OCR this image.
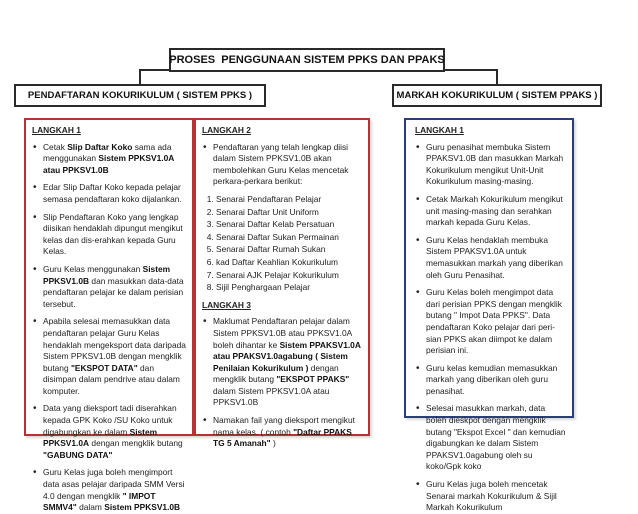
PROSES  PENGGUNAAN SISTEM PPKS DAN PPAKS
PENDAFTARAN KOKURIKULUM ( SISTEM PPKS )	MARKAH KOKURIKULUM ( SISTEM PPAKS )
LANGKAH 1
• Cetak Slip Daftar Koko sama ada menggunakan Sistem PPKSV1.0A atau PPKSV1.0B
• Edar Slip Daftar Koko kepada pelajar semasa pendaftaran koko dijalankan.
• Slip Pendaftaran Koko yang lengkap diisikan hendaklah dipungut mengikut kelas dan dis-erahkan kepada Guru Kelas.
• Guru Kelas menggunakan Sistem PPKSV1.0B dan masukkan data-data pendaftaran pelajar ke dalam perisian tersebut.
• Apabila selesai memasukkan data pendaftaran pelajar Guru Kelas hendaklah mengeksport data daripada Sistem PPKSV1.0B dengan mengklik butang "EKSPOT DATA" dan disimpan dalam pendrive atau dalam komputer.
• Data yang dieksport tadi diserahkan kepada GPK Koko /SU Koko untuk digabungkan ke dalam Sistem PPKSV1.0A dengan mengklik butang "GABUNG DATA"
• Guru Kelas juga boleh mengimport data asas pelajar daripada SMM Versi 4.0 dengan mengklik " IMPOT SMMV4" dalam Sistem PPKSV1.0B
LANGKAH 2
• Pendaftaran yang telah lengkap diisi dalam Sistem PPKSV1.0B akan membolehkan Guru Kelas mencetak perkara-perkara berikut:
1. Senarai Pendaftaran Pelajar
2. Senarai Daftar Unit Uniform
3. Senarai Daftar Kelab Persatuan
4. Senarai Daftar Sukan Permainan
5. Senarai Daftar Rumah Sukan
6. kad Daftar Keahlian Kokurikulum
7. Senarai AJK Pelajar Kokurikulum
8. Sijil Penghargaan Pelajar
LANGKAH 3
• Maklumat Pendaftaran pelajar dalam Sistem PPKSV1.0B atau PPKSV1.0A boleh dihantar ke Sistem PPAKSV1.0A atau PPAKSV1.0agabung ( Sistem Penilaian Kokurikulum ) dengan mengklik butang "EKSPOT PPAKS" dalam Sistem PPKSV1.0A atau PPKSV1.0B
• Namakan fail yang dieksport mengikut nama kelas. ( contoh "Daftar PPAKS TG 5 Amanah" )
LANGKAH 1
• Guru penasihat membuka Sistem PPAKSV1.0B dan masukkan Markah Kokurikulum mengikut Unit-Unit Kokurikulum masing-masing.
• Cetak Markah Kokurikulum mengikut unit masing-masing dan serahkan markah kepada Guru Kelas.
• Guru Kelas hendaklah membuka Sistem PPAKSV1.0A untuk memasukkan markah yang diberikan oleh Guru Penasihat.
• Guru Kelas boleh mengimpot data dari perisian PPKS dengan mengklik butang " Impot Data PPKS". Data pendaftaran Koko pelajar dari peri-sian PPKS akan diimpot ke dalam perisian ini.
• Guru kelas kemudian memasukkan markah yang diberikan oleh guru penasihat.
• Selesai masukkan markah, data boleh dieskpot dengan mengklik butang "Ekspot Excel " dan kemudian digabungkan ke dalam Sistem PPAKSV1.0agabung oleh su koko/Gpk koko
• Guru Kelas juga boleh mencetak Senarai markah Kokurikulum & Sijil Markah Kokurikulum
